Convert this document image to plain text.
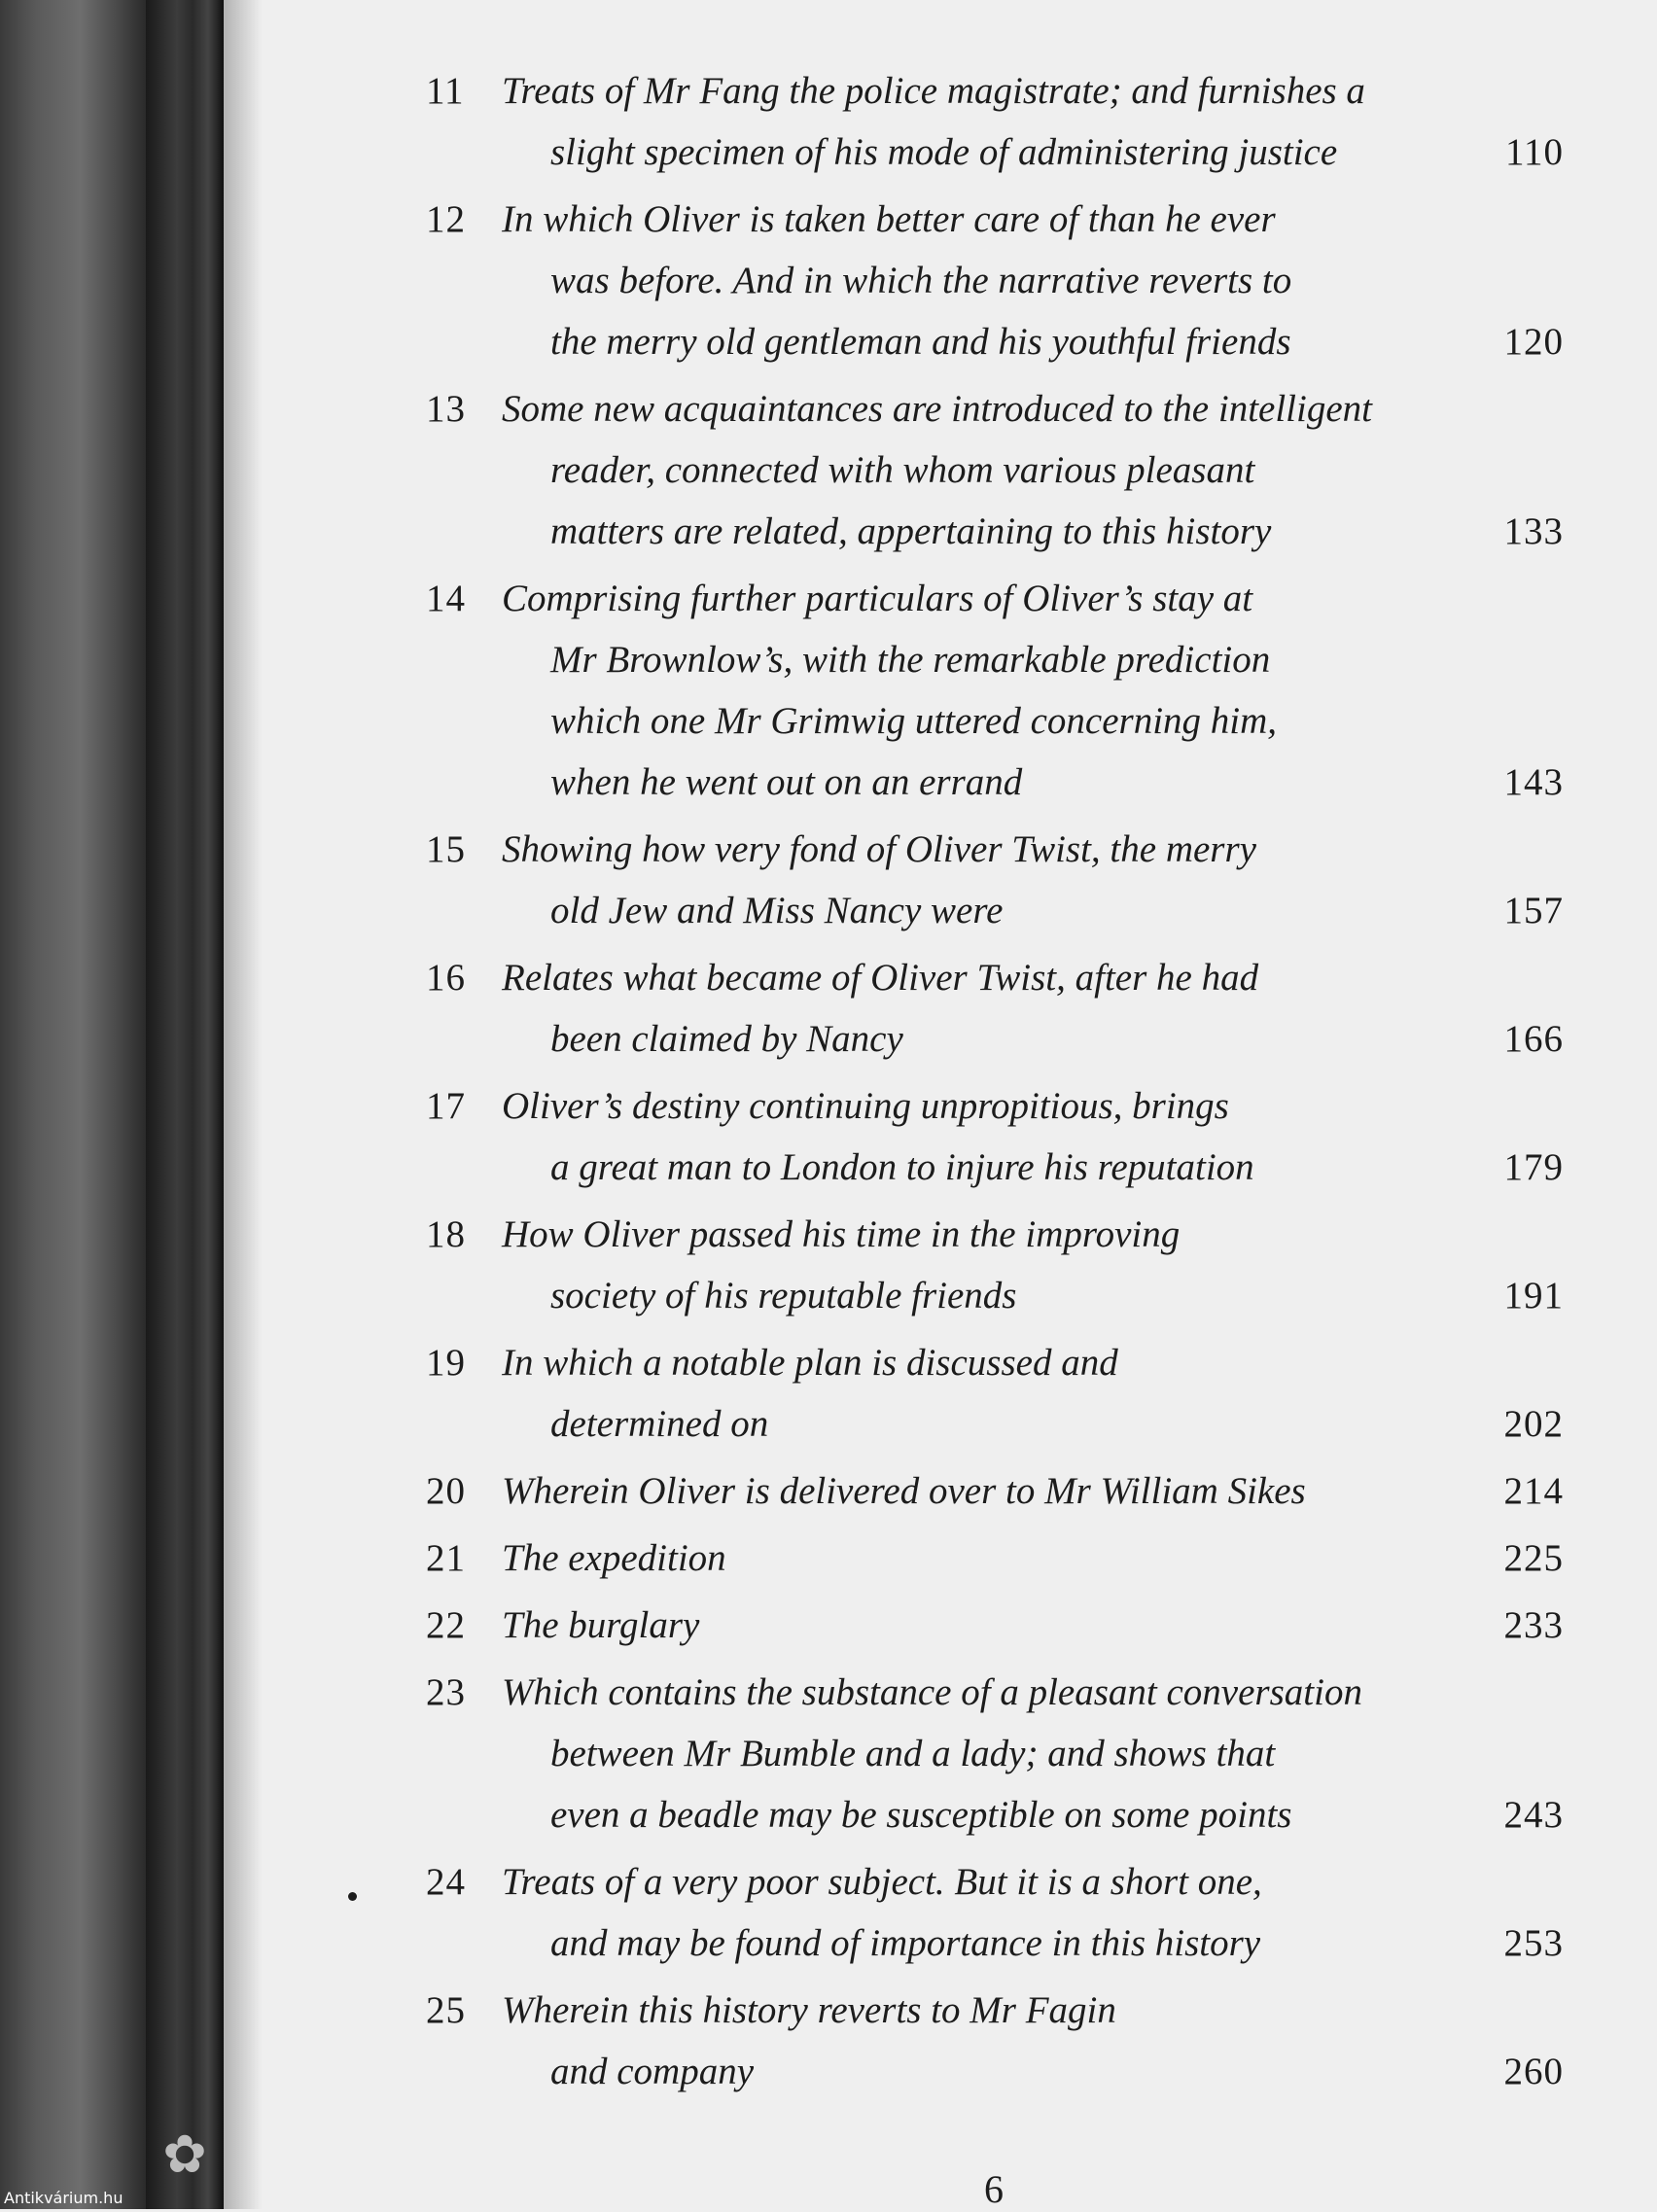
✿
11 Treats of Mr Fang the police magistrate; and furnishes a
slight specimen of his mode of administering justice	110
12 In which Oliver is taken better care of than he ever
was before. And in which the narrative reverts to
the merry old gentleman and his youthful friends	120
13 Some new acquaintances are introduced to the intelligent
reader, connected with whom various pleasant
matters are related, appertaining to this history	133
14 Comprising further particulars of Oliver’s stay at
Mr Brownlow’s, with the remarkable prediction
which one Mr Grimwig uttered concerning him,
when he went out on an errand	143
15 Showing how very fond of Oliver Twist, the merry
old Jew and Miss Nancy were	157
16 Relates what became of Oliver Twist, after he had
been claimed by Nancy	166
17 Oliver’s destiny continuing unpropitious, brings
a great man to London to injure his reputation	179
18 How Oliver passed his time in the improving
society of his reputable friends	191
19 In which a notable plan is discussed and
determined on	202
20 Wherein Oliver is delivered over to Mr William Sikes	214
21 The expedition	225
22 The burglary	233
23 Which contains the substance of a pleasant conversation
between Mr Bumble and a lady; and shows that
even a beadle may be susceptible on some points	243
24 Treats of a very poor subject. But it is a short one,
and may be found of importance in this history	253
25 Wherein this history reverts to Mr Fagin
and company	260
6
Antikvárium.hu
